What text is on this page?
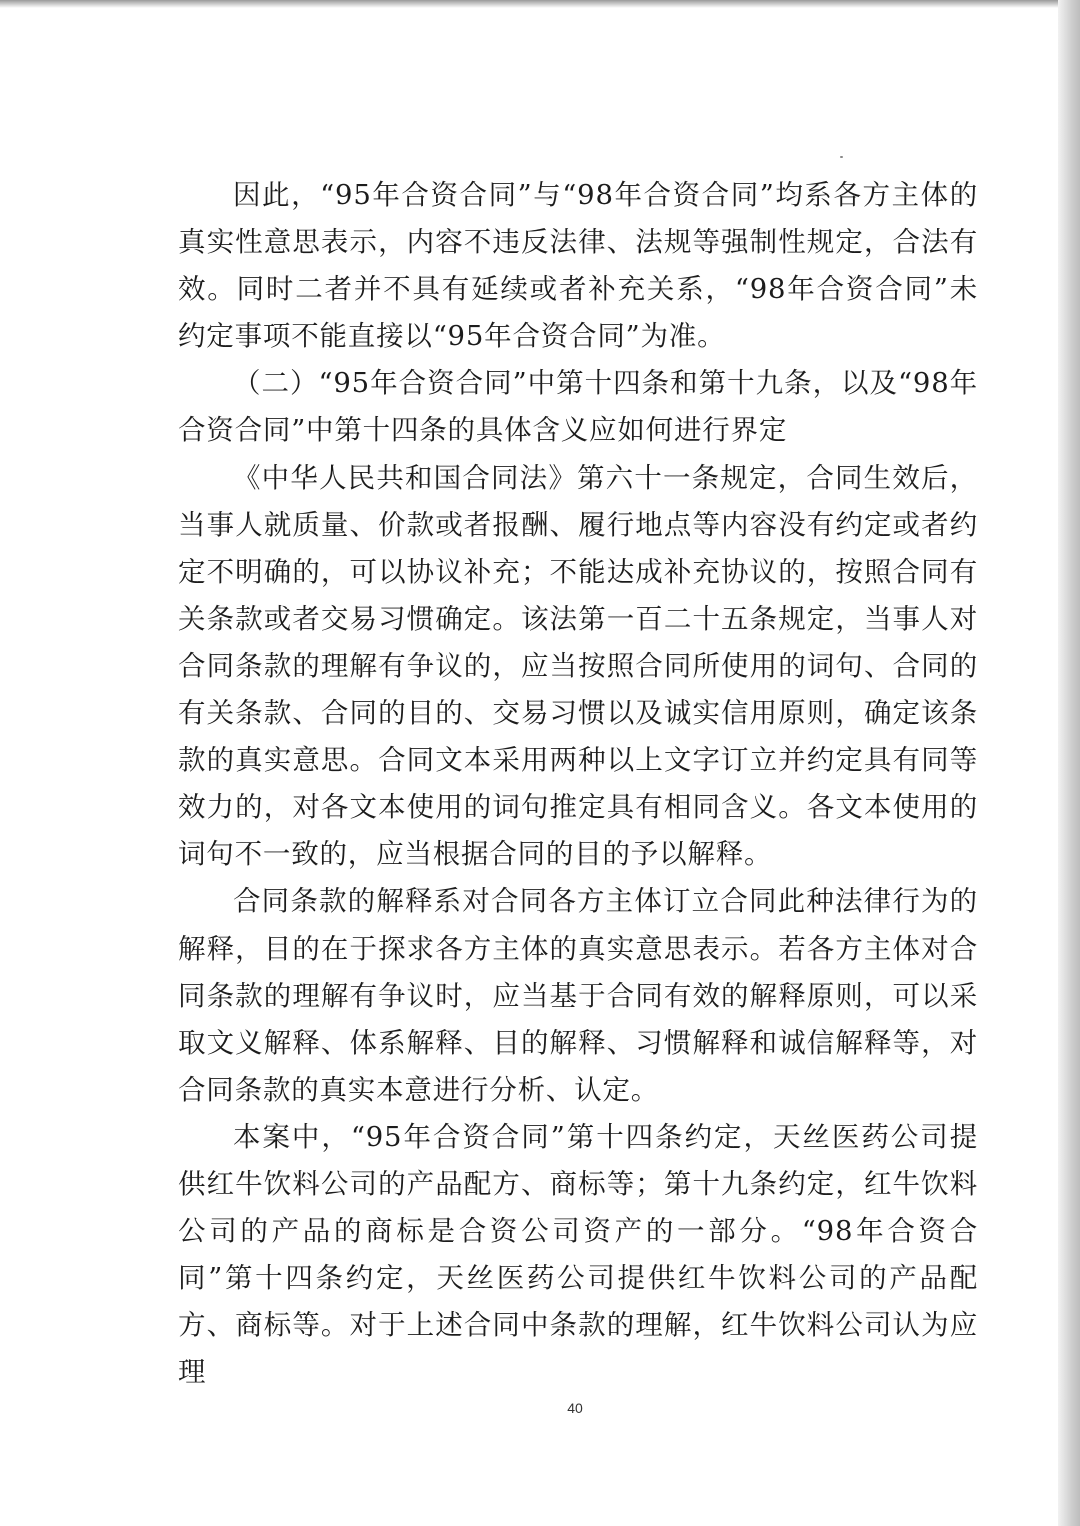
因此，“95年合资合同”与“98年合资合同”均系各方主体的真实性意思表示，内容不违反法律、法规等强制性规定，合法有效。同时二者并不具有延续或者补充关系，“98年合资合同”未约定事项不能直接以“95年合资合同”为准。

（二）“95年合资合同”中第十四条和第十九条，以及“98年合资合同”中第十四条的具体含义应如何进行界定

《中华人民共和国合同法》第六十一条规定，合同生效后，当事人就质量、价款或者报酬、履行地点等内容没有约定或者约定不明确的，可以协议补充；不能达成补充协议的，按照合同有关条款或者交易习惯确定。该法第一百二十五条规定，当事人对合同条款的理解有争议的，应当按照合同所使用的词句、合同的有关条款、合同的目的、交易习惯以及诚实信用原则，确定该条款的真实意思。合同文本采用两种以上文字订立并约定具有同等效力的，对各文本使用的词句推定具有相同含义。各文本使用的词句不一致的，应当根据合同的目的予以解释。

合同条款的解释系对合同各方主体订立合同此种法律行为的解释，目的在于探求各方主体的真实意思表示。若各方主体对合同条款的理解有争议时，应当基于合同有效的解释原则，可以采取文义解释、体系解释、目的解释、习惯解释和诚信解释等，对合同条款的真实本意进行分析、认定。

本案中，“95年合资合同”第十四条约定，天丝医药公司提供红牛饮料公司的产品配方、商标等；第十九条约定，红牛饮料公司的产品的商标是合资公司资产的一部分。“98年合资合同”第十四条约定，天丝医药公司提供红牛饮料公司的产品配方、商标等。对于上述合同中条款的理解，红牛饮料公司认为应理

40
